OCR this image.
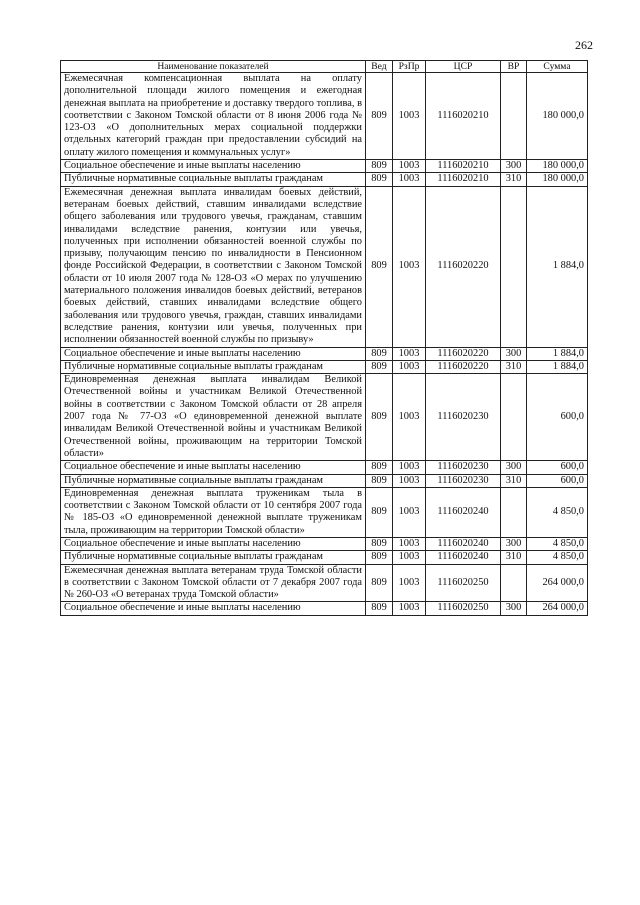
262
Наименование показателей	Вед	РзПр	ЦСР	ВР	Сумма
Ежемесячная компенсационная выплата на оплату дополнительной площади жилого помещения и ежегодная денежная выплата на приобретение и доставку твердого топлива, в соответствии с Законом Томской области от 8 июня 2006 года № 123-ОЗ «О дополнительных мерах социальной поддержки отдельных категорий граждан при предоставлении субсидий на оплату жилого помещения и коммунальных услуг»	809	1003	1116020210		180 000,0
Социальное обеспечение и иные выплаты населению	809	1003	1116020210	300	180 000,0
Публичные нормативные социальные выплаты гражданам	809	1003	1116020210	310	180 000,0
Ежемесячная денежная выплата инвалидам боевых действий, ветеранам боевых действий, ставшим инвалидами вследствие общего заболевания или трудового увечья, гражданам, ставшим инвалидами вследствие ранения, контузии или увечья, полученных при исполнении обязанностей военной службы по призыву, получающим пенсию по инвалидности в Пенсионном фонде Российской Федерации, в соответствии с Законом Томской области от 10 июля 2007 года № 128-ОЗ «О мерах по улучшению материального положения инвалидов боевых действий, ветеранов боевых действий, ставших инвалидами вследствие общего заболевания или трудового увечья, граждан, ставших инвалидами вследствие ранения, контузии или увечья, полученных при исполнении обязанностей военной службы по призыву»	809	1003	1116020220		1 884,0
Социальное обеспечение и иные выплаты населению	809	1003	1116020220	300	1 884,0
Публичные нормативные социальные выплаты гражданам	809	1003	1116020220	310	1 884,0
Единовременная денежная выплата инвалидам Великой Отечественной войны и участникам Великой Отечественной войны в соответствии с Законом Томской области от 28 апреля 2007 года № 77-ОЗ «О единовременной денежной выплате инвалидам Великой Отечественной войны и участникам Великой Отечественной войны, проживающим на территории Томской области»	809	1003	1116020230		600,0
Социальное обеспечение и иные выплаты населению	809	1003	1116020230	300	600,0
Публичные нормативные социальные выплаты гражданам	809	1003	1116020230	310	600,0
Единовременная денежная выплата труженикам тыла в соответствии с Законом Томской области от 10 сентября 2007 года № 185-ОЗ «О единовременной денежной выплате труженикам тыла, проживающим на территории Томской области»	809	1003	1116020240		4 850,0
Социальное обеспечение и иные выплаты населению	809	1003	1116020240	300	4 850,0
Публичные нормативные социальные выплаты гражданам	809	1003	1116020240	310	4 850,0
Ежемесячная денежная выплата ветеранам труда Томской области в соответствии с Законом Томской области от 7 декабря 2007 года № 260-ОЗ «О ветеранах труда Томской области»	809	1003	1116020250		264 000,0
Социальное обеспечение и иные выплаты населению	809	1003	1116020250	300	264 000,0
